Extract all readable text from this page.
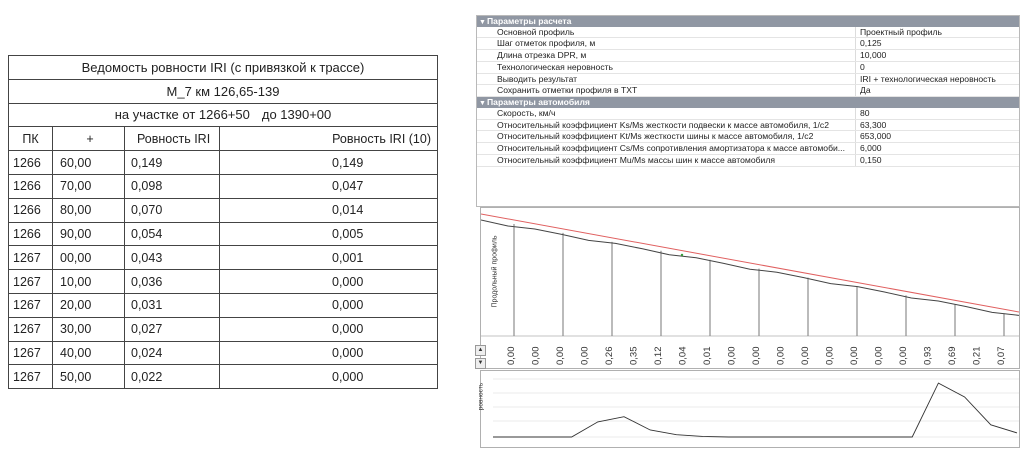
Ведомость ровности IRI (с привязкой к трассе)			
М_7 км 126,65-139			
на участке от 1266+50 до 1390+00			
ПК	+	Ровность IRI	Ровность IRI (10)
1266	60,00	0,149	0,149
1266	70,00	0,098	0,047
1266	80,00	0,070	0,014
1266	90,00	0,054	0,005
1267	00,00	0,043	0,001
1267	10,00	0,036	0,000
1267	20,00	0,031	0,000
1267	30,00	0,027	0,000
1267	40,00	0,024	0,000
1267	50,00	0,022	0,000
▼Параметры расчета
Основной профиль	Проектный профиль
Шаг отметок профиля, м	0,125
Длина отрезка DPR, м	10,000
Технологическая неровность	0
Выводить результат	IRI + технологическая неровность
Сохранить отметки профиля в TXT	Да
▼Параметры автомобиля
Скорость, км/ч	80
Относительный коэффициент Ks/Ms жесткости подвески к массе автомобиля, 1/c2	63,300
Относительный коэффициент Kt/Ms жесткости шины к массе автомобиля, 1/c2	653,000
Относительный коэффициент Cs/Ms сопротивления амортизатора к массе автомоби...	6,000
Относительный коэффициент Mu/Ms массы шин к массе автомобиля	0,150
Продольный профиль
▲
▼ 0,00 0,00 0,00 0,00 0,26 0,35 0,12 0,04 0,01 0,00 0,00 0,00 0,00 0,00 0,00 0,00 0,00 0,93 0,69 0,21 0,07
ровность
